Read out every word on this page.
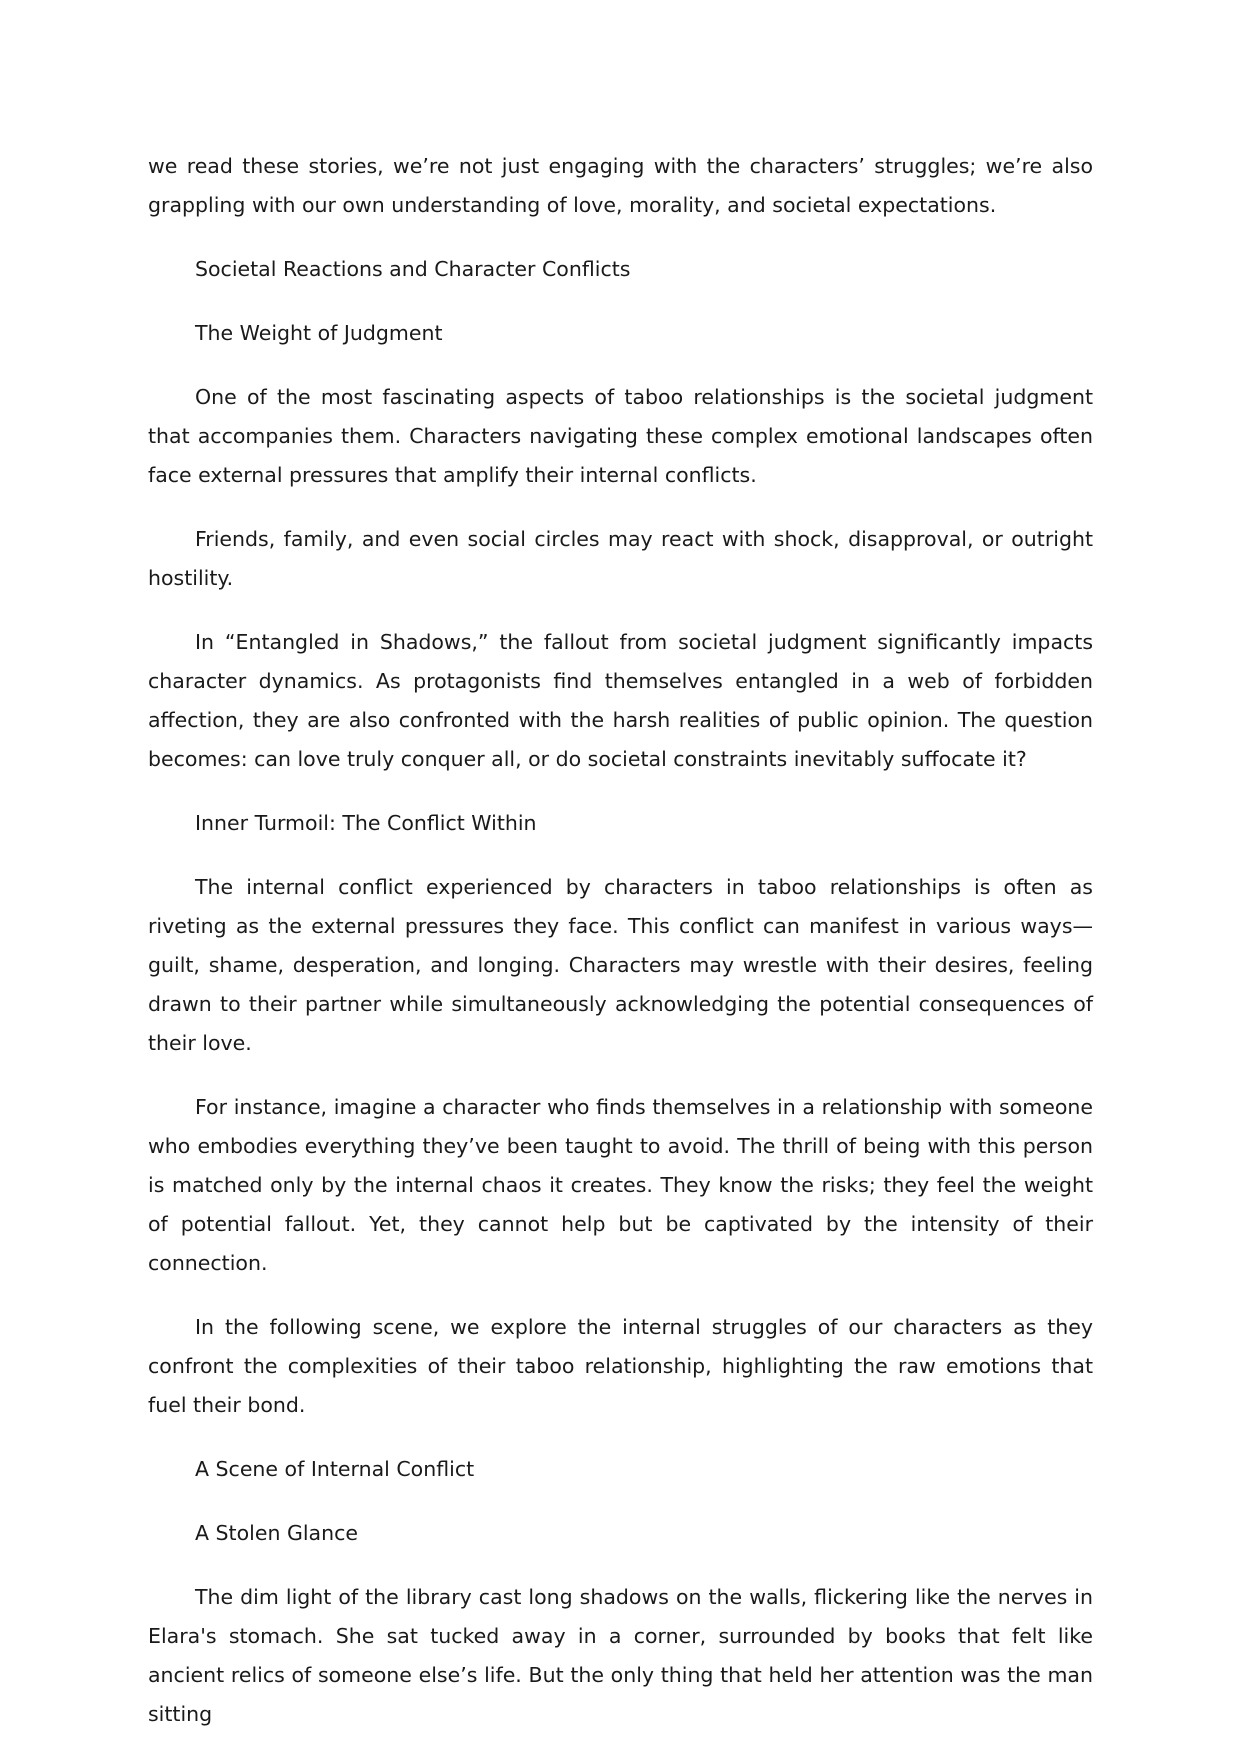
we read these stories, we’re not just engaging with the characters’ struggles; we’re also grappling with our own understanding of love, morality, and societal expectations.

Societal Reactions and Character Conflicts

The Weight of Judgment

One of the most fascinating aspects of taboo relationships is the societal judgment that accompanies them. Characters navigating these complex emotional landscapes often face external pressures that amplify their internal conflicts.

Friends, family, and even social circles may react with shock, disapproval, or outright hostility.

In “Entangled in Shadows,” the fallout from societal judgment significantly impacts character dynamics. As protagonists find themselves entangled in a web of forbidden affection, they are also confronted with the harsh realities of public opinion. The question becomes: can love truly conquer all, or do societal constraints inevitably suffocate it?

Inner Turmoil: The Conflict Within

The internal conflict experienced by characters in taboo relationships is often as riveting as the external pressures they face. This conflict can manifest in various ways—guilt, shame, desperation, and longing. Characters may wrestle with their desires, feeling drawn to their partner while simultaneously acknowledging the potential consequences of their love.

For instance, imagine a character who finds themselves in a relationship with someone who embodies everything they’ve been taught to avoid. The thrill of being with this person is matched only by the internal chaos it creates. They know the risks; they feel the weight of potential fallout. Yet, they cannot help but be captivated by the intensity of their connection.

In the following scene, we explore the internal struggles of our characters as they confront the complexities of their taboo relationship, highlighting the raw emotions that fuel their bond.

A Scene of Internal Conflict

A Stolen Glance

The dim light of the library cast long shadows on the walls, flickering like the nerves in Elara's stomach. She sat tucked away in a corner, surrounded by books that felt like ancient relics of someone else’s life. But the only thing that held her attention was the man sitting
